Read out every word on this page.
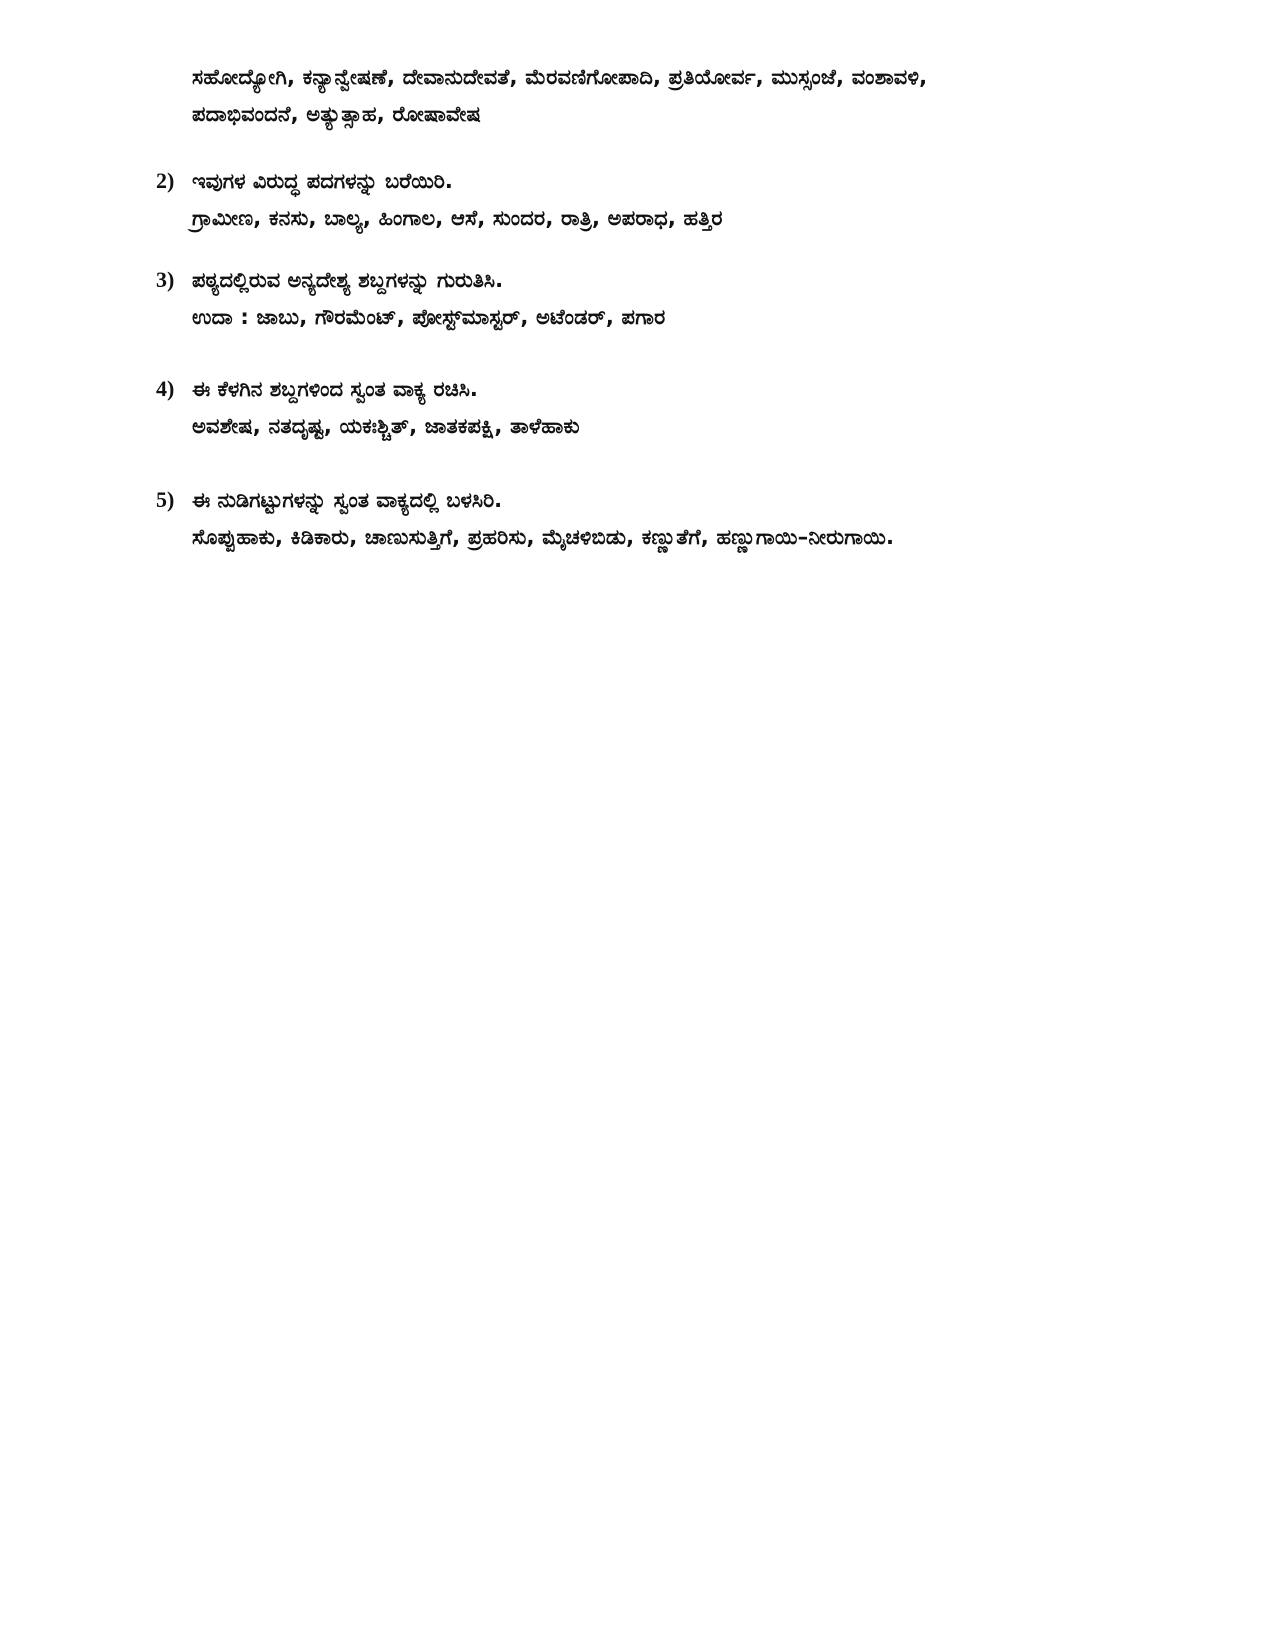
ಸಹೋದ್ಯೋಗಿ, ಕನ್ಯಾನ್ವೇಷಣೆ, ದೇವಾನುದೇವತೆ, ಮೆರವಣಿಗೋಪಾದಿ, ಪ್ರತಿಯೋರ್ವ, ಮುಸ್ಸಂಜೆ, ವಂಶಾವಳಿ,
ಪದಾಭಿವಂದನೆ, ಅತ್ಯುತ್ಸಾಹ, ರೋಷಾವೇಷ
2) ಇವುಗಳ ವಿರುದ್ಧ ಪದಗಳನ್ನು ಬರೆಯಿರಿ.
ಗ್ರಾಮೀಣ, ಕನಸು, ಬಾಲ್ಯ, ಹಿಂಗಾಲ, ಆಸೆ, ಸುಂದರ, ರಾತ್ರಿ, ಅಪರಾಧ, ಹತ್ತಿರ
3) ಪಠ್ಯದಲ್ಲಿರುವ ಅನ್ಯದೇಶ್ಯ ಶಬ್ದಗಳನ್ನು ಗುರುತಿಸಿ.
ಉದಾ : ಜಾಬು, ಗೌರಮೆಂಟ್, ಪೋಸ್ಟ್‌ಮಾಸ್ಟರ್, ಅಟೆಂಡರ್, ಪಗಾರ
4) ಈ ಕೆಳಗಿನ ಶಬ್ದಗಳಿಂದ ಸ್ವಂತ ವಾಕ್ಯ ರಚಿಸಿ.
ಅವಶೇಷ, ನತದೃಷ್ಟ, ಯಕಃಶ್ಚಿತ್, ಜಾತಕಪಕ್ಷಿ, ತಾಳೆಹಾಕು
5) ಈ ನುಡಿಗಟ್ಟುಗಳನ್ನು ಸ್ವಂತ ವಾಕ್ಯದಲ್ಲಿ ಬಳಸಿರಿ.
ಸೊಪ್ಪುಹಾಕು, ಕಿಡಿಕಾರು, ಚಾಣುಸುತ್ತಿಗೆ, ಪ್ರಹರಿಸು, ಮೈಚಳಿಬಿಡು, ಕಣ್ಣುತೆಗೆ, ಹಣ್ಣುಗಾಯಿ–ನೀರುಗಾಯಿ.
